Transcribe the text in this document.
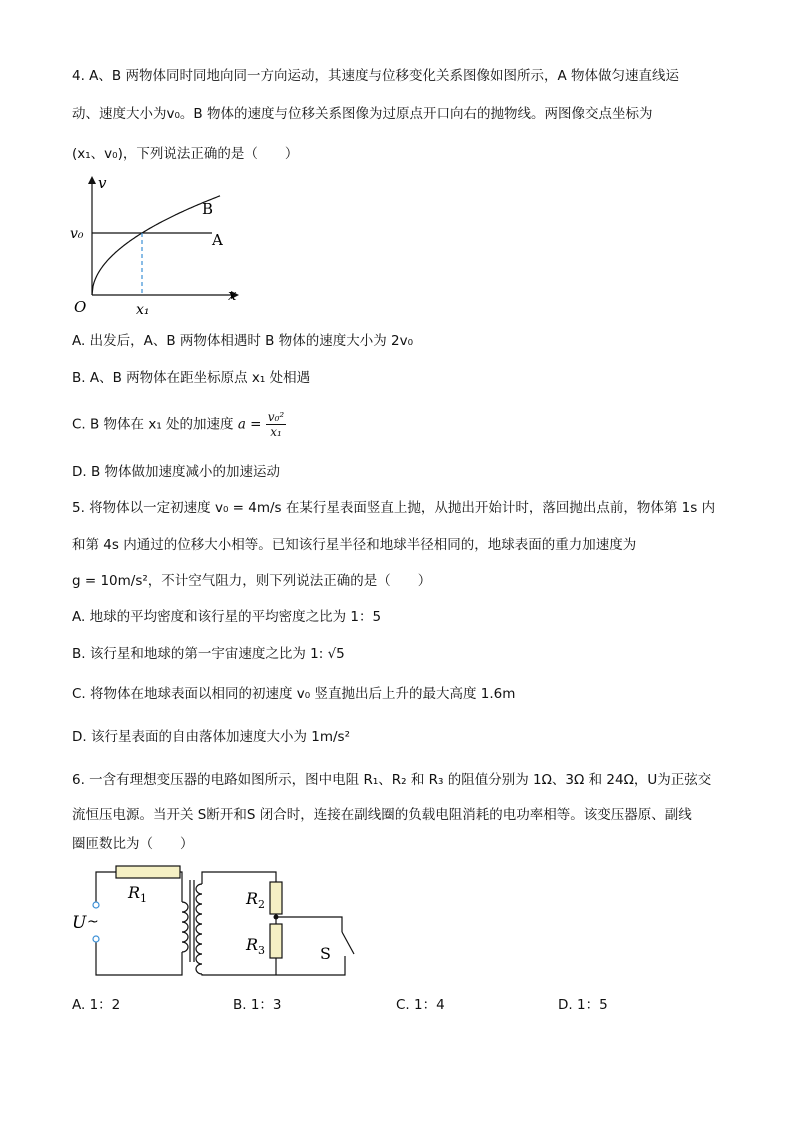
4. A、B 两物体同时同地向同一方向运动，其速度与位移变化关系图像如图所示，A 物体做匀速直线运
动、速度大小为v₀。B 物体的速度与位移关系图像为过原点开口向右的抛物线。两图像交点坐标为
(x₁、v₀)，下列说法正确的是（　　）
v
x
O
v₀
x₁
B
A
A. 出发后，A、B 两物体相遇时 B 物体的速度大小为 2v₀
B. A、B 两物体在距坐标原点 x₁ 处相遇
C. B 物体在 x₁ 处的加速度 $a = \frac{\text{v₀²}}{\text{x₁}}$
D. B 物体做加速度减小的加速运动
5. 将物体以一定初速度 v₀ = 4m/s 在某行星表面竖直上抛，从抛出开始计时，落回抛出点前，物体第 1s 内
和第 4s 内通过的位移大小相等。已知该行星半径和地球半径相同的，地球表面的重力加速度为
g = 10m/s²，不计空气阻力，则下列说法正确的是（　　）
A. 地球的平均密度和该行星的平均密度之比为 1：5
B. 该行星和地球的第一宇宙速度之比为 1: √5
C. 将物体在地球表面以相同的初速度 v₀ 竖直抛出后上升的最大高度 1.6m
D. 该行星表面的自由落体加速度大小为 1m/s²
6. 一含有理想变压器的电路如图所示，图中电阻 R₁、R₂ 和 R₃ 的阻值分别为 1Ω、3Ω 和 24Ω，U为正弦交
流恒压电源。当开关 S断开和S 闭合时，连接在副线圈的负载电阻消耗的电功率相等。该变压器原、副线
圈匝数比为（　　）
$R_1$	$R_2$
$R_3$
U ~
S
A. 1：2	B. 1：3	C. 1：4	D. 1：5
